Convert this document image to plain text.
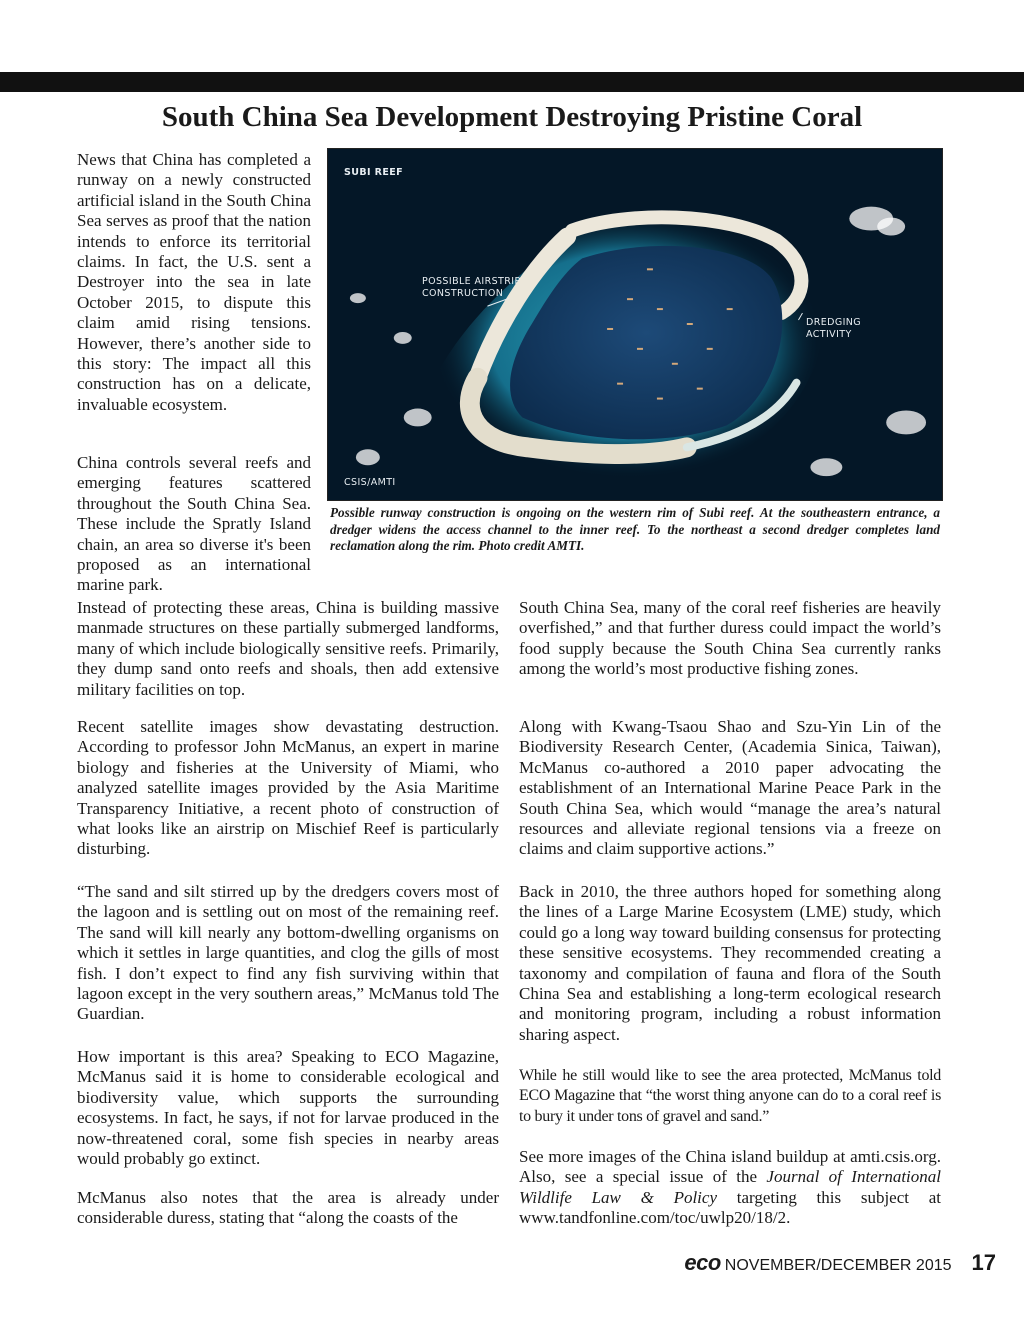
South China Sea Development Destroying Pristine Coral

News that China has completed a runway on a newly constructed artificial island in the South China Sea serves as proof that the nation intends to enforce its territorial claims. In fact, the U.S. sent a Destroyer into the sea in late October 2015, to dispute this claim amid rising tensions. However, there’s another side to this story: The impact all this construction has on a delicate, invaluable ecosystem.

China controls several reefs and emerging features scattered throughout the South China Sea. These include the Spratly Island chain, an area so diverse it's been proposed as an international marine park.

Instead of protecting these areas, China is building massive manmade structures on these partially submerged landforms, many of which include biologically sensitive reefs. Primarily, they dump sand onto reefs and shoals, then add extensive military facilities on top.

Recent satellite images show devastating destruction. According to professor John McManus, an expert in marine biology and fisheries at the University of Miami, who analyzed satellite images provided by the Asia Maritime Transparency Initiative, a recent photo of construction of what looks like an airstrip on Mischief Reef is particularly disturbing.

“The sand and silt stirred up by the dredgers covers most of the lagoon and is settling out on most of the remaining reef. The sand will kill nearly any bottom-dwelling organisms on which it settles in large quantities, and clog the gills of most fish. I don’t expect to find any fish surviving within that lagoon except in the very southern areas,” McManus told The Guardian.

How important is this area? Speaking to ECO Magazine, McManus said it is home to considerable ecological and biodiversity value, which supports the surrounding ecosystems. In fact, he says, if not for larvae produced in the now-threatened coral, some fish species in nearby areas would probably go extinct.

McManus also notes that the area is already under considerable duress, stating that “along the coasts of the

South China Sea, many of the coral reef fisheries are heavily overfished,” and that further duress could impact the world’s food supply because the South China Sea currently ranks among the world’s most productive fishing zones.

Along with Kwang-Tsaou Shao and Szu-Yin Lin of the Biodiversity Research Center, (Academia Sinica, Taiwan), McManus co-authored a 2010 paper advocating the establishment of an International Marine Peace Park in the South China Sea, which would “manage the area’s natural resources and alleviate regional tensions via a freeze on claims and claim supportive actions.”

Back in 2010, the three authors hoped for something along the lines of a Large Marine Ecosystem (LME) study, which could go a long way toward building consensus for protecting these sensitive ecosystems. They recommended creating a taxonomy and compilation of fauna and flora of the South China Sea and establishing a long-term ecological research and monitoring program, including a robust information sharing aspect.

While he still would like to see the area protected, McManus told ECO Magazine that “the worst thing anyone can do to a coral reef is to bury it under tons of gravel and sand.”

See more images of the China island buildup at amti.csis.org. Also, see a special issue of the Journal of International Wildlife Law & Policy targeting this subject at www.tandfonline.com/toc/uwlp20/18/2.

SUBI REEF
POSSIBLE AIRSTRIP
CONSTRUCTION
DREDGING
ACTIVITY
CSIS/AMTI

Possible runway construction is ongoing on the western rim of Subi reef. At the southeastern entrance, a dredger widens the access channel to the inner reef. To the northeast a second dredger completes land reclamation along the rim. Photo credit AMTI.

eco NOVEMBER/DECEMBER 2015 17
